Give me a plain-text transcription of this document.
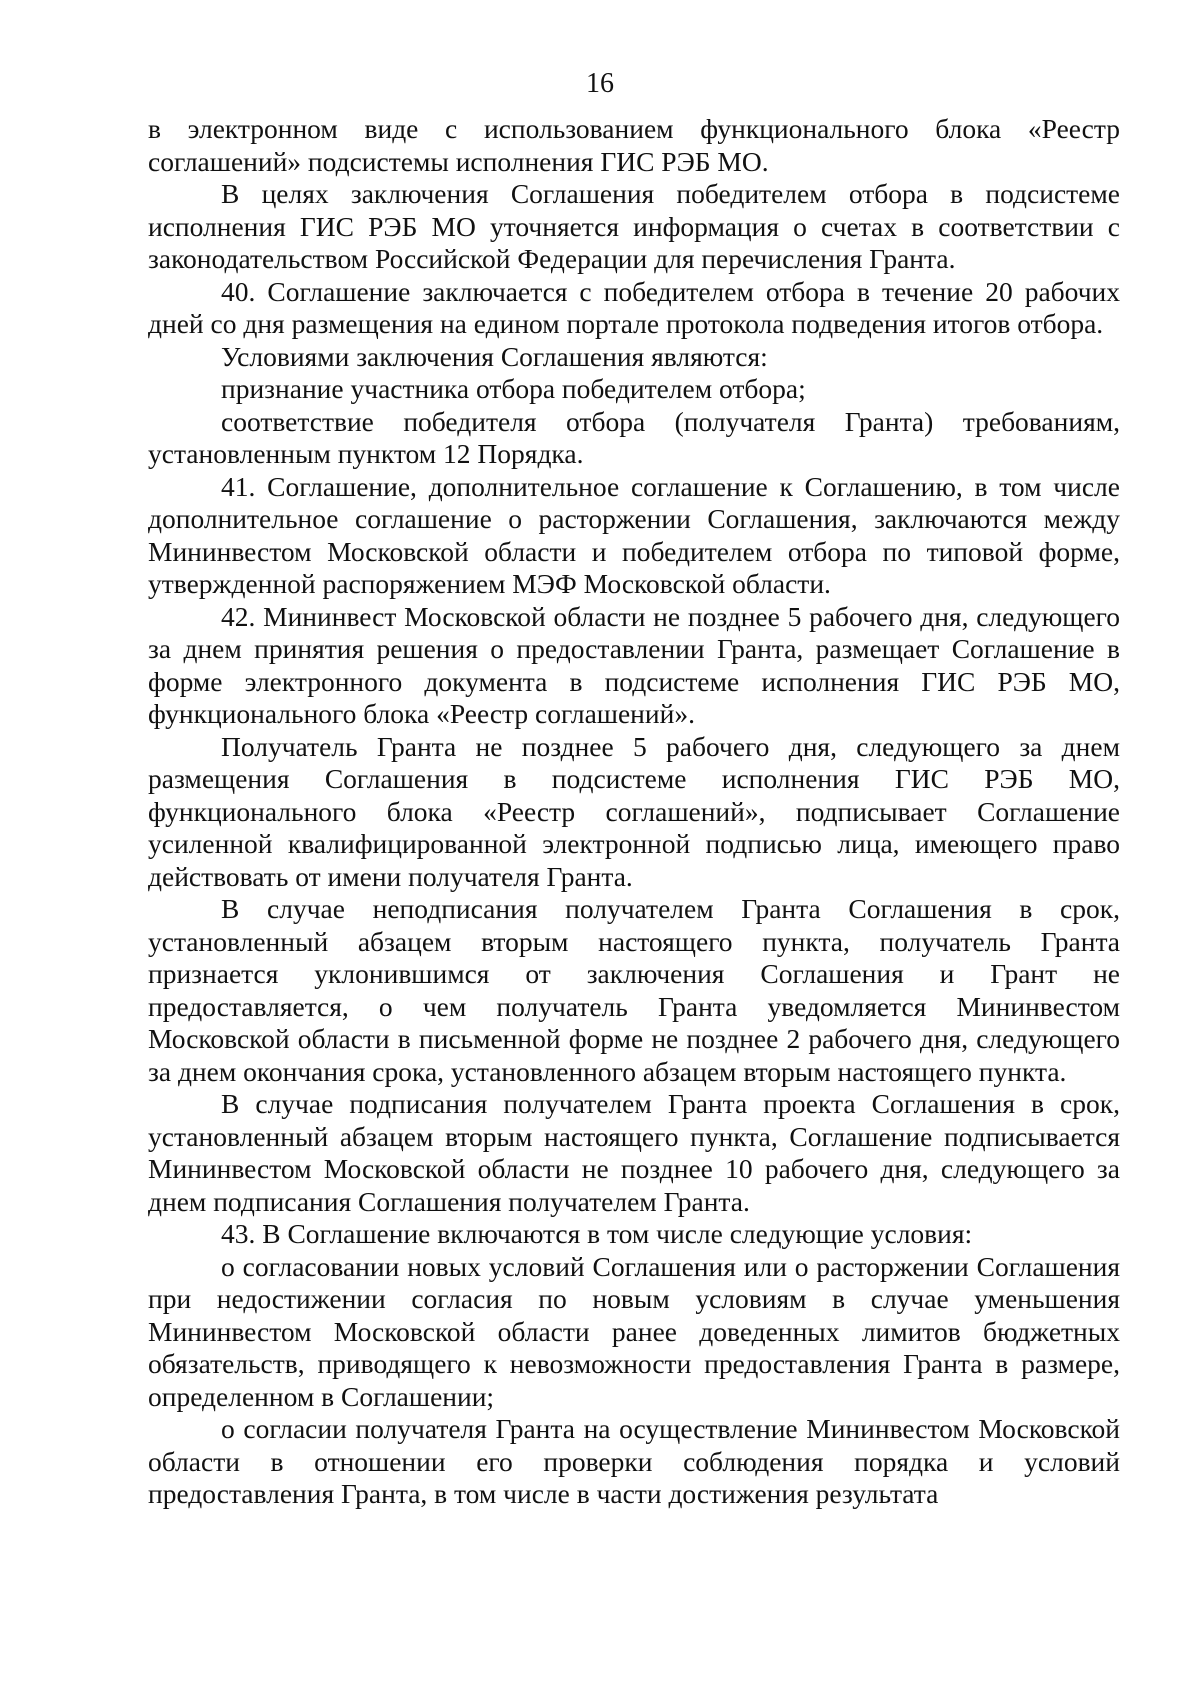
16

в электронном виде с использованием функционального блока «Реестр соглашений» подсистемы исполнения ГИС РЭБ МО.

В целях заключения Соглашения победителем отбора в подсистеме исполнения ГИС РЭБ МО уточняется информация о счетах в соответствии с законодательством Российской Федерации для перечисления Гранта.

40. Соглашение заключается с победителем отбора в течение 20 рабочих дней со дня размещения на едином портале протокола подведения итогов отбора.

Условиями заключения Соглашения являются:

признание участника отбора победителем отбора;

соответствие победителя отбора (получателя Гранта) требованиям, установленным пунктом 12 Порядка.

41. Соглашение, дополнительное соглашение к Соглашению, в том числе дополнительное соглашение о расторжении Соглашения, заключаются между Мининвестом Московской области и победителем отбора по типовой форме, утвержденной распоряжением МЭФ Московской области.

42. Мининвест Московской области не позднее 5 рабочего дня, следующего за днем принятия решения о предоставлении Гранта, размещает Соглашение в форме электронного документа в подсистеме исполнения ГИС РЭБ МО, функционального блока «Реестр соглашений».

Получатель Гранта не позднее 5 рабочего дня, следующего за днем размещения Соглашения в подсистеме исполнения ГИС РЭБ МО, функционального блока «Реестр соглашений», подписывает Соглашение усиленной квалифицированной электронной подписью лица, имеющего право действовать от имени получателя Гранта.

В случае неподписания получателем Гранта Соглашения в срок, установленный абзацем вторым настоящего пункта, получатель Гранта признается уклонившимся от заключения Соглашения и Грант не предоставляется, о чем получатель Гранта уведомляется Мининвестом Московской области в письменной форме не позднее 2 рабочего дня, следующего за днем окончания срока, установленного абзацем вторым настоящего пункта.

В случае подписания получателем Гранта проекта Соглашения в срок, установленный абзацем вторым настоящего пункта, Соглашение подписывается Мининвестом Московской области не позднее 10 рабочего дня, следующего за днем подписания Соглашения получателем Гранта.

43. В Соглашение включаются в том числе следующие условия:

о согласовании новых условий Соглашения или о расторжении Соглашения при недостижении согласия по новым условиям в случае уменьшения Мининвестом Московской области ранее доведенных лимитов бюджетных обязательств, приводящего к невозможности предоставления Гранта в размере, определенном в Соглашении;

о согласии получателя Гранта на осуществление Мининвестом Московской области в отношении его проверки соблюдения порядка и условий предоставления Гранта, в том числе в части достижения результата
